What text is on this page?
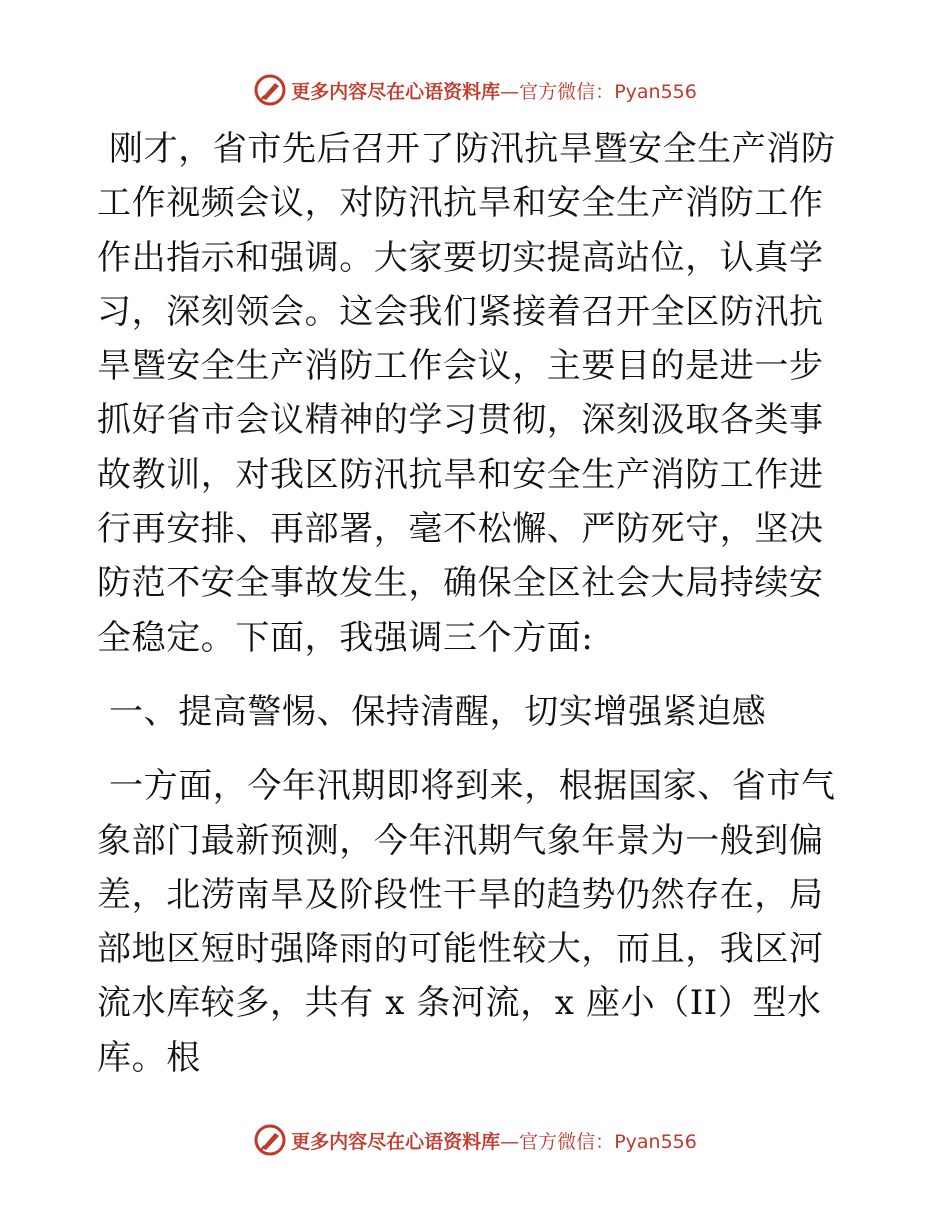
更多内容尽在心语资料库—官方微信：Pyan556

刚才，省市先后召开了防汛抗旱暨安全生产消防工作视频会议，对防汛抗旱和安全生产消防工作作出指示和强调。大家要切实提高站位，认真学习，深刻领会。这会我们紧接着召开全区防汛抗旱暨安全生产消防工作会议，主要目的是进一步抓好省市会议精神的学习贯彻，深刻汲取各类事故教训，对我区防汛抗旱和安全生产消防工作进行再安排、再部署，毫不松懈、严防死守，坚决防范不安全事故发生，确保全区社会大局持续安全稳定。下面，我强调三个方面:

一、提高警惕、保持清醒，切实增强紧迫感

一方面，今年汛期即将到来，根据国家、省市气象部门最新预测，今年汛期气象年景为一般到偏差，北涝南旱及阶段性干旱的趋势仍然存在，局部地区短时强降雨的可能性较大，而且，我区河流水库较多，共有 x 条河流，x 座小（II）型水库。根

更多内容尽在心语资料库—官方微信：Pyan556
